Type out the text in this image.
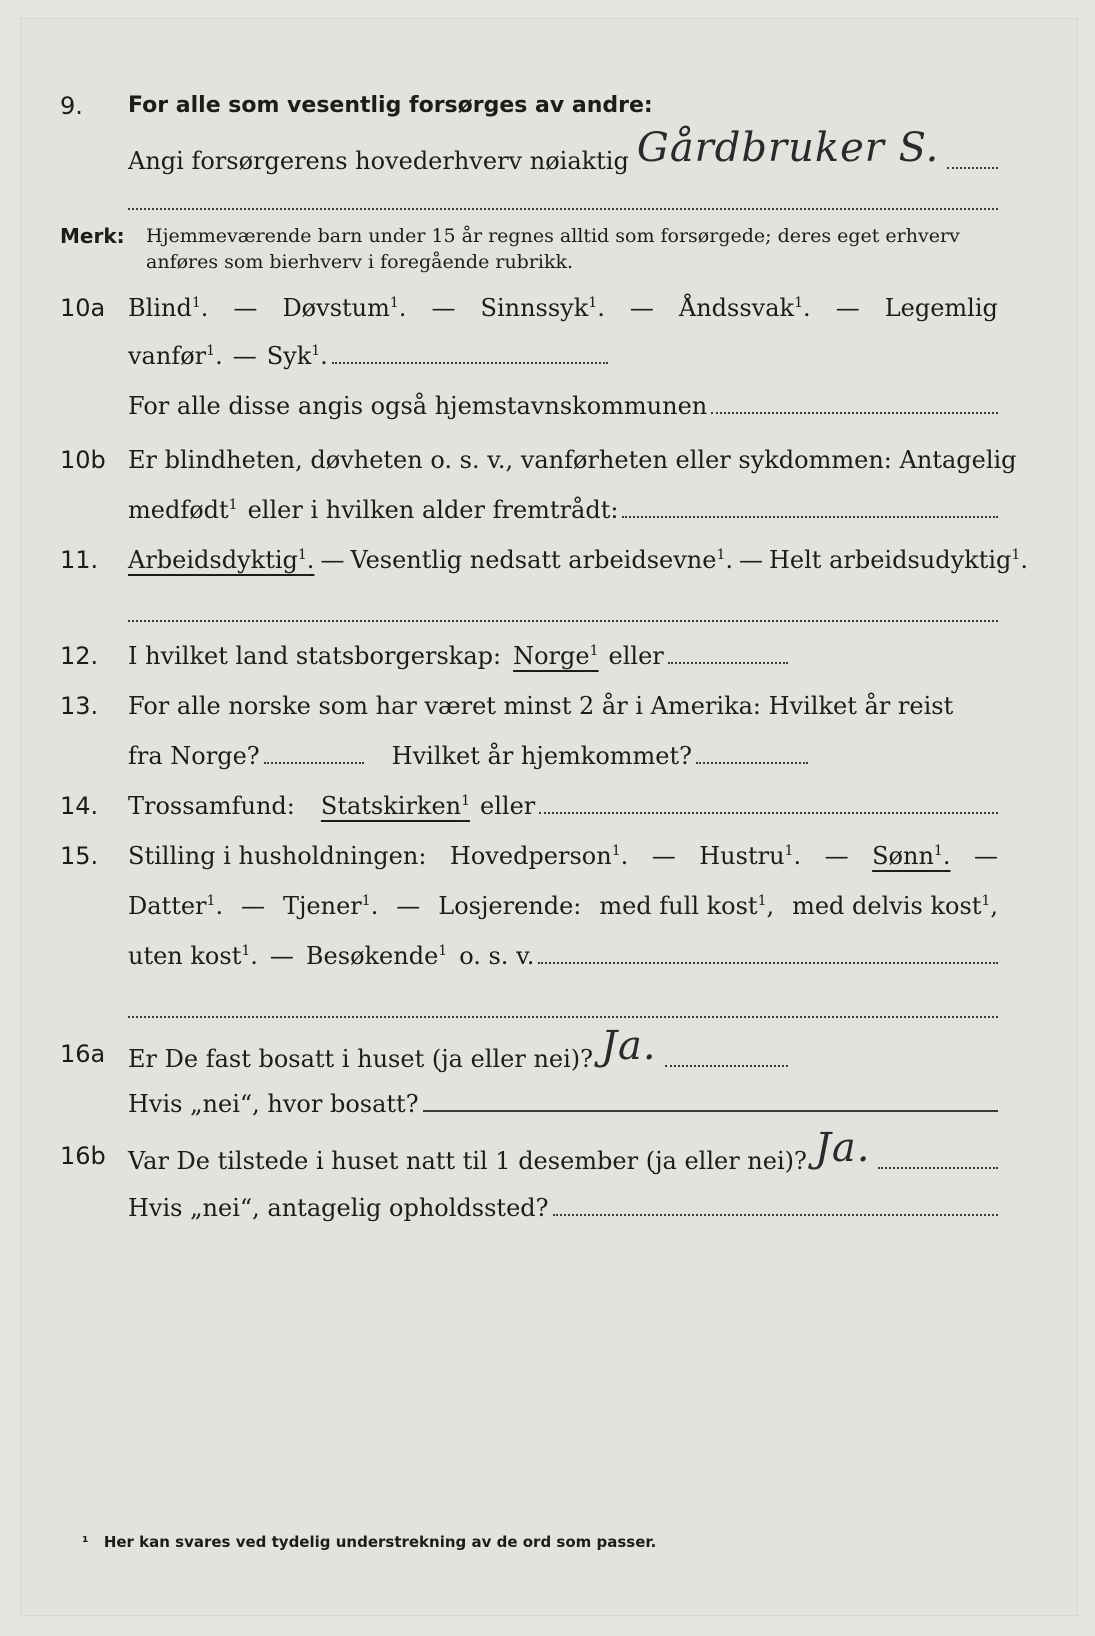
9. For alle som vesentlig forsørges av andre:
Angi forsørgerens hovederhverv nøiaktig Gårdbruker S.
Merk: Hjemmeværende barn under 15 år regnes alltid som forsørgede; deres eget erhverv
anføres som bierhverv i foregående rubrikk.
10a Blind$^1$. — Døvstum$^1$. — Sinnssyk$^1$. — Åndssvak$^1$. — Legemlig
vanfør$^1$. — Syk$^1$.
For alle disse angis også hjemstavnskommunen
10b Er blindheten, døvheten o. s. v., vanførheten eller sykdommen: Antagelig
medfødt$^1$ eller i hvilken alder fremtrådt:
11. Arbeidsdyktig$^1$. — Vesentlig nedsatt arbeidsevne$^1$. — Helt arbeidsudyktig$^1$.
12. I hvilket land statsborgerskap: Norge$^1$ eller
13. For alle norske som har været minst 2 år i Amerika: Hvilket år reist
fra Norge?	Hvilket år hjemkommet?
14. Trossamfund: Statskirken$^1$ eller
15. Stilling i husholdningen: Hovedperson$^1$. — Hustru$^1$. — Sønn$^1$. —
Datter$^1$. — Tjener$^1$. — Losjerende: med full kost$^1$, med delvis kost$^1$,
uten kost$^1$. — Besøkende$^1$ o. s. v.
16a Er De fast bosatt i huset (ja eller nei)? Ja.
Hvis „nei“, hvor bosatt?
16b Var De tilstede i huset natt til 1 desember (ja eller nei)? Ja.
Hvis „nei“, antagelig opholdssted?
¹ Her kan svares ved tydelig understrekning av de ord som passer.
